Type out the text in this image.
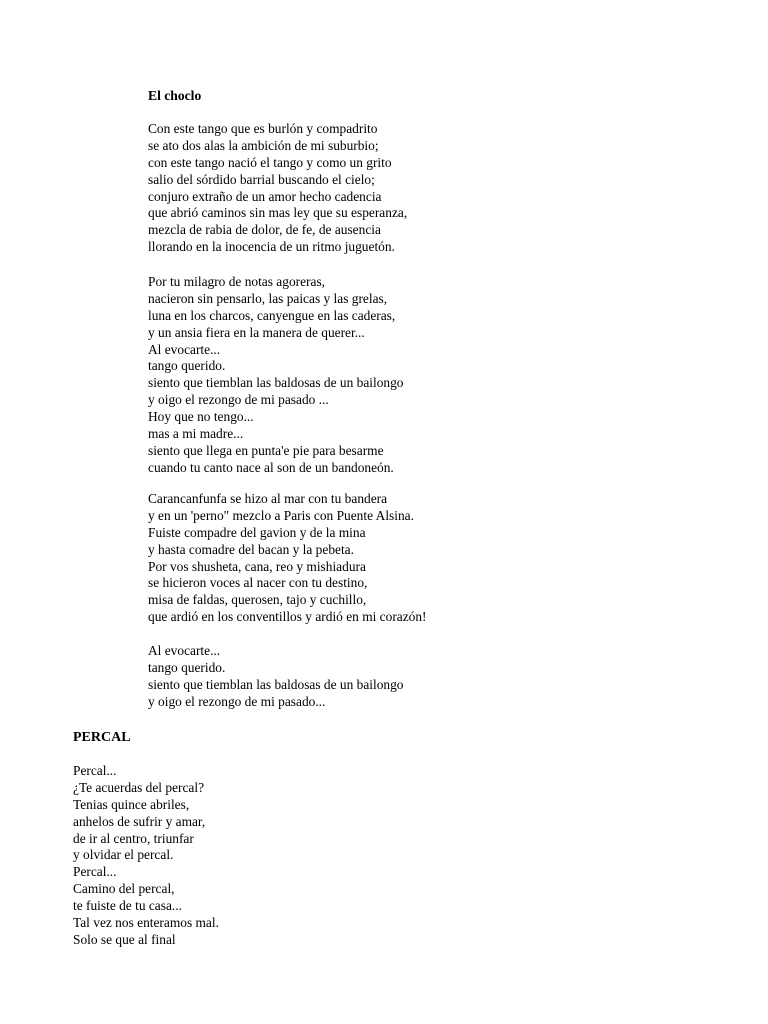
El choclo
Con este tango que es burlón y compadrito
se ato dos alas la ambición de mi suburbio;
con este tango nació el tango y como un grito
salio del sórdido barrial buscando el cielo;
conjuro extraño de un amor hecho cadencia
que abrió caminos sin mas ley que su esperanza,
mezcla de rabia de dolor, de fe, de ausencia
llorando en la inocencia de un ritmo juguetón.
Por tu milagro de notas agoreras,
nacieron sin pensarlo, las paicas y las grelas,
luna en los charcos, canyengue en las caderas,
y un ansia fiera en la manera de querer...
Al evocarte...
tango querido.
siento que tiemblan las baldosas de un bailongo
y oigo el rezongo de mi pasado ...
Hoy que no tengo...
mas a mi madre...
siento que llega en punta'e pie para besarme
cuando tu canto nace al son de un bandoneón.
Carancanfunfa se hizo al mar con tu bandera
y en un 'perno" mezclo a Paris con Puente Alsina.
Fuiste compadre del gavion y de la mina
y hasta comadre del bacan y la pebeta.
Por vos shusheta, cana, reo y mishiadura
se hicieron voces al nacer con tu destino,
misa de faldas, querosen, tajo y cuchillo,
que ardió en los conventillos y ardió en mi corazón!
Al evocarte...
tango querido.
siento que tiemblan las baldosas de un bailongo
y oigo el rezongo de mi pasado...
PERCAL
Percal...
¿Te acuerdas del percal?
Tenias quince abriles,
anhelos de sufrir y amar,
de ir al centro, triunfar
y olvidar el percal.
Percal...
Camino del percal,
te fuiste de tu casa...
Tal vez nos enteramos mal.
Solo se que al final
